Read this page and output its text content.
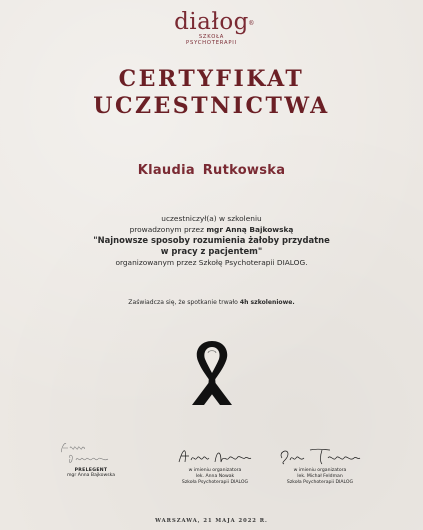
diałog ®
SZKOŁA
PSYCHOTERAPII
CERTYFIKAT
UCZESTNICTWA
Klaudia Rutkowska
uczestniczył(a) w szkoleniu
prowadzonym przez mgr Anną Bajkowską
"Najnowsze sposoby rozumienia żałoby przydatne
w pracy z pacjentem"
organizowanym przez Szkołę Psychoterapii DIALOG.
Zaświadcza się, że spotkanie trwało 4h szkoleniowe.
PRELEGENT
mgr Anna Bajkowska
w imieniu organizatora
lek. Anna Nowak
Szkoła Psychoterapii DIALOG
w imieniu organizatora
lek. Michał Feldman
Szkoła Psychoterapii DIALOG
WARSZAWA, 21 MAJA 2022 R.
